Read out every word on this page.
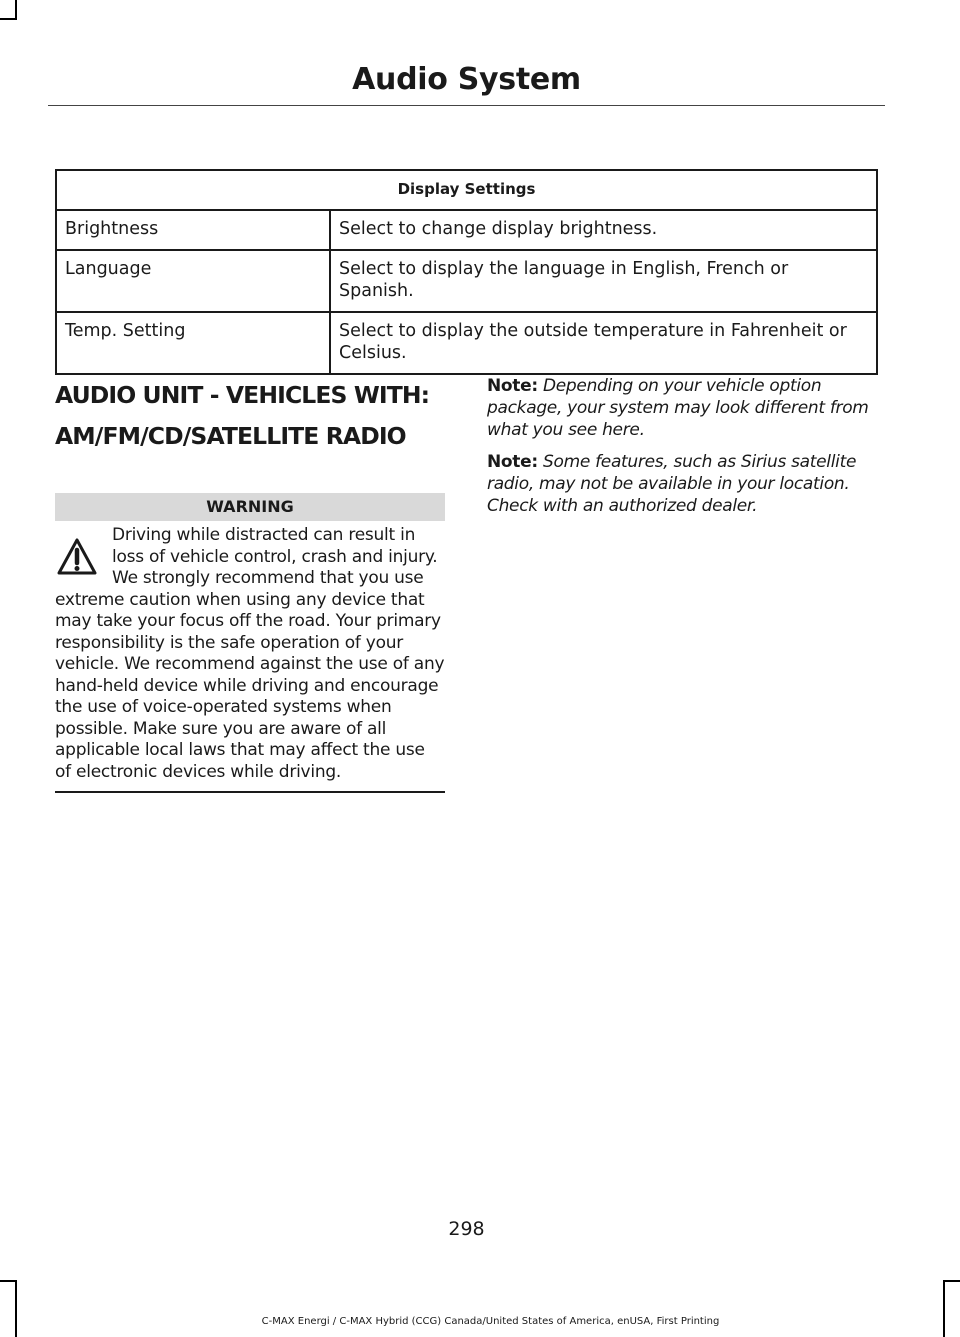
Audio System
Display Settings	
Brightness	Select to change display brightness.
Language	Select to display the language in English, French or Spanish.
Temp. Setting	Select to display the outside temperature in Fahrenheit or Celsius.
AUDIO UNIT - VEHICLES WITH:
AM/FM/CD/SATELLITE RADIO
WARNING
Driving while distracted can result in loss of vehicle control, crash and injury. We strongly recommend that you use extreme caution when using any device that may take your focus off the road. Your primary responsibility is the safe operation of your vehicle. We recommend against the use of any hand-held device while driving and encourage the use of voice-operated systems when possible. Make sure you are aware of all applicable local laws that may affect the use of electronic devices while driving.

Note: Depending on your vehicle option package, your system may look different from what you see here.

Note: Some features, such as Sirius satellite radio, may not be available in your location. Check with an authorized dealer.

298
C-MAX Energi / C-MAX Hybrid (CCG) Canada/United States of America, enUSA, First Printing
